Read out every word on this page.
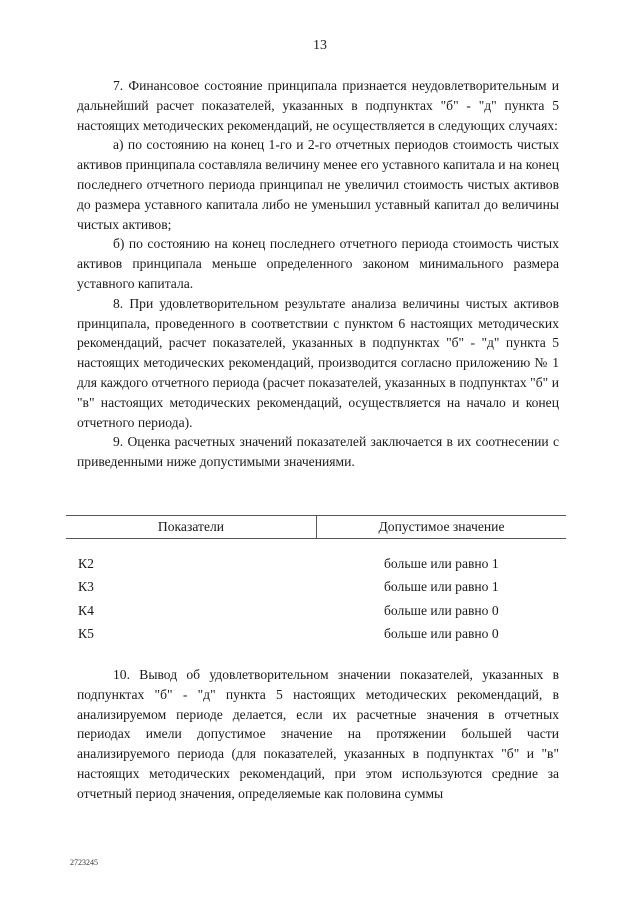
13

7. Финансовое состояние принципала признается неудовлетворительным и дальнейший расчет показателей, указанных в подпунктах "б" - "д" пункта 5 настоящих методических рекомендаций, не осуществляется в следующих случаях:

а) по состоянию на конец 1-го и 2-го отчетных периодов стоимость чистых активов принципала составляла величину менее его уставного капитала и на конец последнего отчетного периода принципал не увеличил стоимость чистых активов до размера уставного капитала либо не уменьшил уставный капитал до величины чистых активов;

б) по состоянию на конец последнего отчетного периода стоимость чистых активов принципала меньше определенного законом минимального размера уставного капитала.

8. При удовлетворительном результате анализа величины чистых активов принципала, проведенного в соответствии с пунктом 6 настоящих методических рекомендаций, расчет показателей, указанных в подпунктах "б" - "д" пункта 5 настоящих методических рекомендаций, производится согласно приложению № 1 для каждого отчетного периода (расчет показателей, указанных в подпунктах "б" и "в" настоящих методических рекомендаций, осуществляется на начало и конец отчетного периода).

9. Оценка расчетных значений показателей заключается в их соотнесении с приведенными ниже допустимыми значениями.

Показатели	Допустимое значение
К2	больше или равно 1
К3	больше или равно 1
К4	больше или равно 0
К5	больше или равно 0

10. Вывод об удовлетворительном значении показателей, указанных в подпунктах "б" - "д" пункта 5 настоящих методических рекомендаций, в анализируемом периоде делается, если их расчетные значения в отчетных периодах имели допустимое значение на протяжении большей части анализируемого периода (для показателей, указанных в подпунктах "б" и "в" настоящих методических рекомендаций, при этом используются средние за отчетный период значения, определяемые как половина суммы

2723245
